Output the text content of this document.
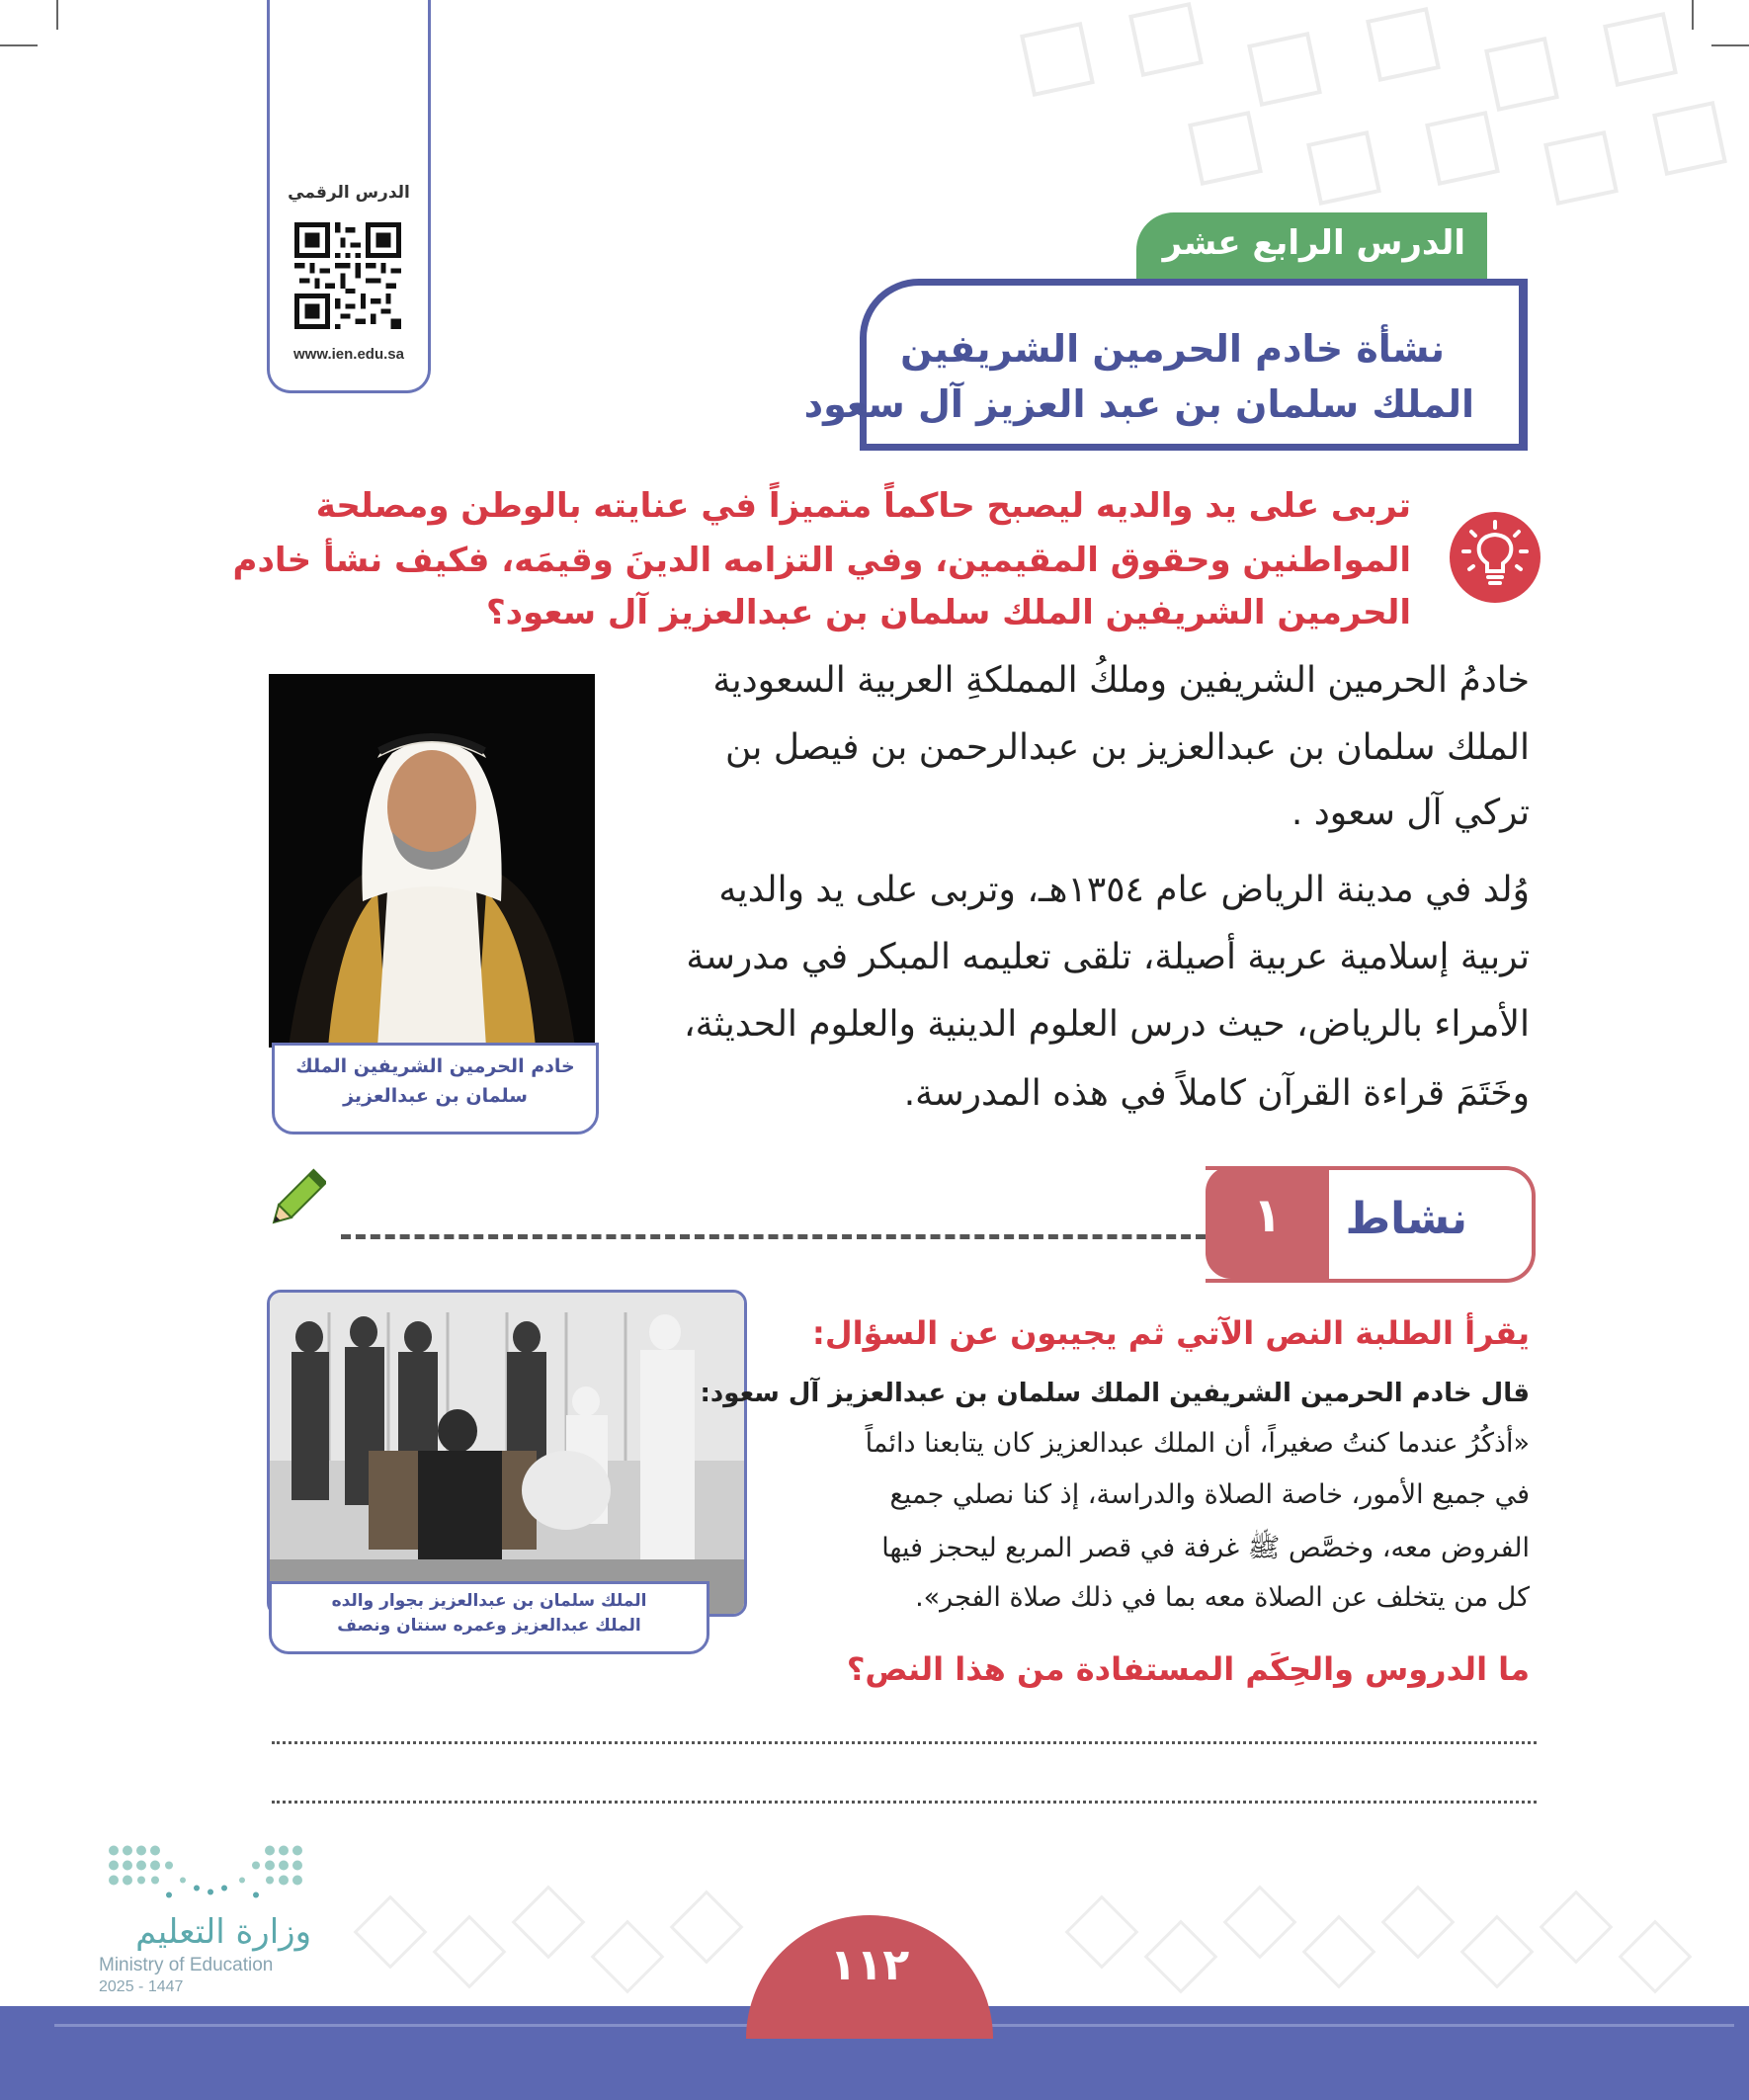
الدرس الرقمي
www.ien.edu.sa
الدرس الرابع عشر
نشأة خادم الحرمين الشريفين
الملك سلمان بن عبد العزيز آل سعود
تربى على يد والديه ليصبح حاكماً متميزاً في عنايته بالوطن ومصلحة
المواطنين وحقوق المقيمين، وفي التزامه الدينَ وقيمَه، فكيف نشأ خادم
الحرمين الشريفين الملك سلمان بن عبدالعزيز آل سعود؟
خادم الحرمين الشريفين الملك
سلمان بن عبدالعزيز
خادمُ الحرمين الشريفين وملكُ المملكةِ العربية السعودية
الملك سلمان بن عبدالعزيز بن عبدالرحمن بن فيصل بن
تركي آل سعود .
وُلد في مدينة الرياض عام ١٣٥٤هـ، وتربى على يد والديه
تربية إسلامية عربية أصيلة، تلقى تعليمه المبكر في مدرسة
الأمراء بالرياض، حيث درس العلوم الدينية والعلوم الحديثة،
وخَتَمَ قراءة القرآن كاملاً في هذه المدرسة.
نشاط
١
الملك سلمان بن عبدالعزيز بجوار والده
الملك عبدالعزيز وعمره سنتان ونصف
يقرأ الطلبة النص الآتي ثم يجيبون عن السؤال:
قال خادم الحرمين الشريفين الملك سلمان بن عبدالعزيز آل سعود:
«أذكُرُ عندما كنتُ صغيراً، أن الملك عبدالعزيز كان يتابعنا دائماً
في جميع الأمور، خاصة الصلاة والدراسة، إذ كنا نصلي جميع
الفروض معه، وخصَّص ﷺ غرفة في قصر المربع ليحجز فيها
كل من يتخلف عن الصلاة معه بما في ذلك صلاة الفجر».
ما الدروس والحِكَم المستفادة من هذا النص؟
وزارة التعليم
Ministry of Education
2025 - 1447	١١٢
